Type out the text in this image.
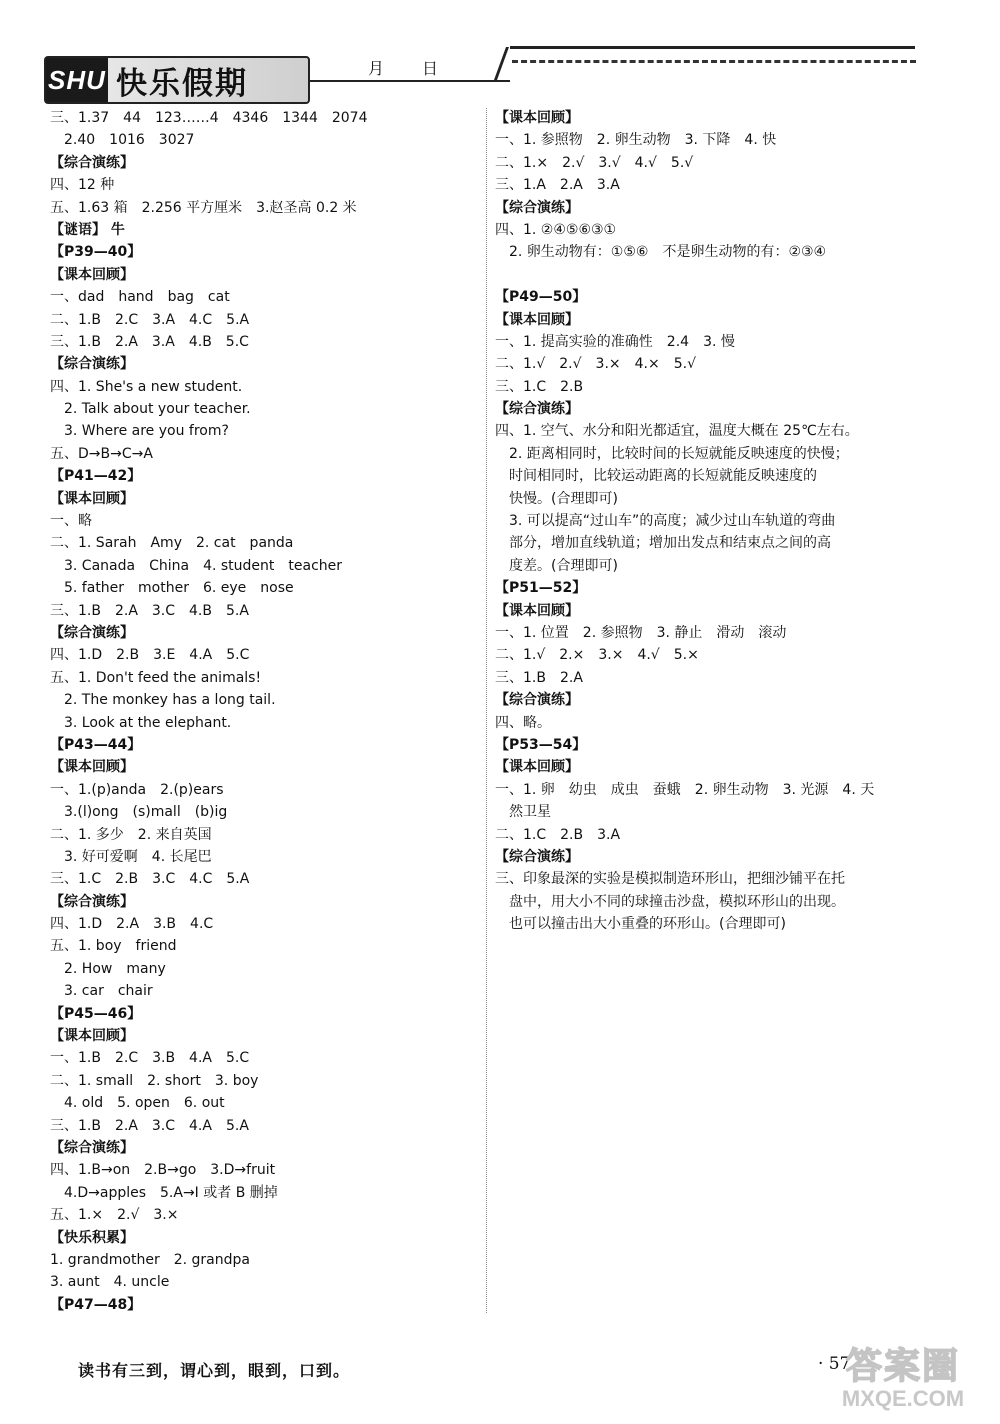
SHU 快乐假期	月 日
三、1.37　44　123……4　4346　1344　2074
　2.40　1016　3027
【综合演练】
四、12 种
五、1.63 箱　2.256 平方厘米　3.赵圣高 0.2 米
【谜语】 牛
【P39—40】
【课本回顾】
一、dad　hand　bag　cat
二、1.B　2.C　3.A　4.C　5.A
三、1.B　2.A　3.A　4.B　5.C
【综合演练】
四、1. She's a new student.
　2. Talk about your teacher.
　3. Where are you from?
五、D→B→C→A
【P41—42】
【课本回顾】
一、略
二、1. Sarah　Amy　2. cat　panda
　3. Canada　China　4. student　teacher
　5. father　mother　6. eye　nose
三、1.B　2.A　3.C　4.B　5.A
【综合演练】
四、1.D　2.B　3.E　4.A　5.C
五、1. Don't feed the animals!
　2. The monkey has a long tail.
　3. Look at the elephant.
【P43—44】
【课本回顾】
一、1.(p)anda　2.(p)ears
　3.(l)ong　(s)mall　(b)ig
二、1. 多少　2. 来自英国
　3. 好可爱啊　4. 长尾巴
三、1.C　2.B　3.C　4.C　5.A
【综合演练】
四、1.D　2.A　3.B　4.C
五、1. boy　friend
　2. How　many
　3. car　chair
【P45—46】
【课本回顾】
一、1.B　2.C　3.B　4.A　5.C
二、1. small　2. short　3. boy
　4. old　5. open　6. out
三、1.B　2.A　3.C　4.A　5.A
【综合演练】
四、1.B→on　2.B→go　3.D→fruit
　4.D→apples　5.A→I 或者 B 删掉
五、1.×　2.√　3.×
【快乐积累】
1. grandmother　2. grandpa
3. aunt　4. uncle
【P47—48】
【课本回顾】
一、1. 参照物　2. 卵生动物　3. 下降　4. 快
二、1.×　2.√　3.√　4.√　5.√
三、1.A　2.A　3.A
【综合演练】
四、1. ②④⑤⑥③①
　2. 卵生动物有：①⑤⑥　不是卵生动物的有：②③④
【P49—50】
【课本回顾】
一、1. 提高实验的准确性　2.4　3. 慢
二、1.√　2.√　3.×　4.×　5.√
三、1.C　2.B
【综合演练】
四、1. 空气、水分和阳光都适宜，温度大概在 25℃左右。
　2. 距离相同时，比较时间的长短就能反映速度的快慢；
　时间相同时，比较运动距离的长短就能反映速度的
　快慢。(合理即可)
　3. 可以提高“过山车”的高度；减少过山车轨道的弯曲
　部分，增加直线轨道；增加出发点和结束点之间的高
　度差。(合理即可)
【P51—52】
【课本回顾】
一、1. 位置　2. 参照物　3. 静止　滑动　滚动
二、1.√　2.×　3.×　4.√　5.×
三、1.B　2.A
【综合演练】
四、略。
【P53—54】
【课本回顾】
一、1. 卵　幼虫　成虫　蚕蛾　2. 卵生动物　3. 光源　4. 天
　然卫星
二、1.C　2.B　3.A
【综合演练】
三、印象最深的实验是模拟制造环形山，把细沙铺平在托
　盘中，用大小不同的球撞击沙盘，模拟环形山的出现。
　也可以撞击出大小重叠的环形山。(合理即可)
读书有三到，谓心到，眼到，口到。	· 57
答案圈
MXQE.COM
